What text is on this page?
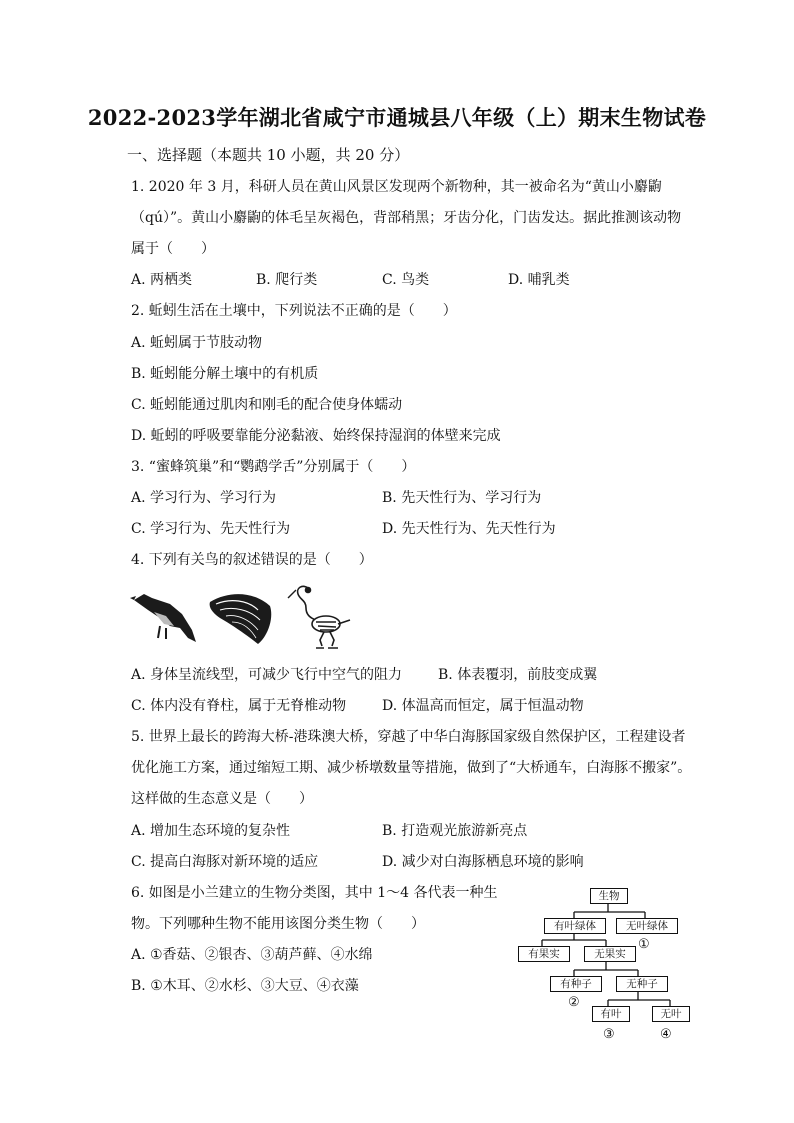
2022-2023学年湖北省咸宁市通城县八年级（上）期末生物试卷
一、选择题（本题共 10 小题，共 20 分）
1. 2020 年 3 月，科研人员在黄山风景区发现两个新物种，其一被命名为“黄山小麝鼩
（qú）”。黄山小麝鼩的体毛呈灰褐色，背部稍黑；牙齿分化，门齿发达。据此推测该动物
属于（　　）
A. 两栖类	B. 爬行类	C. 鸟类	D. 哺乳类
2. 蚯蚓生活在土壤中，下列说法不正确的是（　　）
A. 蚯蚓属于节肢动物
B. 蚯蚓能分解土壤中的有机质
C. 蚯蚓能通过肌肉和刚毛的配合使身体蠕动
D. 蚯蚓的呼吸要靠能分泌黏液、始终保持湿润的体壁来完成
3. “蜜蜂筑巢”和“鹦鹉学舌”分别属于（　　）
A. 学习行为、学习行为	B. 先天性行为、学习行为
C. 学习行为、先天性行为	D. 先天性行为、先天性行为
4. 下列有关鸟的叙述错误的是（　　）
A. 身体呈流线型，可减少飞行中空气的阻力	B. 体表覆羽，前肢变成翼
C. 体内没有脊柱，属于无脊椎动物	D. 体温高而恒定，属于恒温动物
5. 世界上最长的跨海大桥-港珠澳大桥，穿越了中华白海豚国家级自然保护区，工程建设者
优化施工方案，通过缩短工期、减少桥墩数量等措施，做到了“大桥通车，白海豚不搬家”。
这样做的生态意义是（　　）
A. 增加生态环境的复杂性	B. 打造观光旅游新亮点
C. 提高白海豚对新环境的适应	D. 减少对白海豚栖息环境的影响
6. 如图是小兰建立的生物分类图，其中 1～4 各代表一种生
物。下列哪种生物不能用该图分类生物（　　）
A. ①香菇、②银杏、③葫芦藓、④水绵
B. ①木耳、②水杉、③大豆、④衣藻
生物
有叶绿体	无叶绿体
①
有果实	无果实
有种子	无种子
②
有叶	无叶
③	④
